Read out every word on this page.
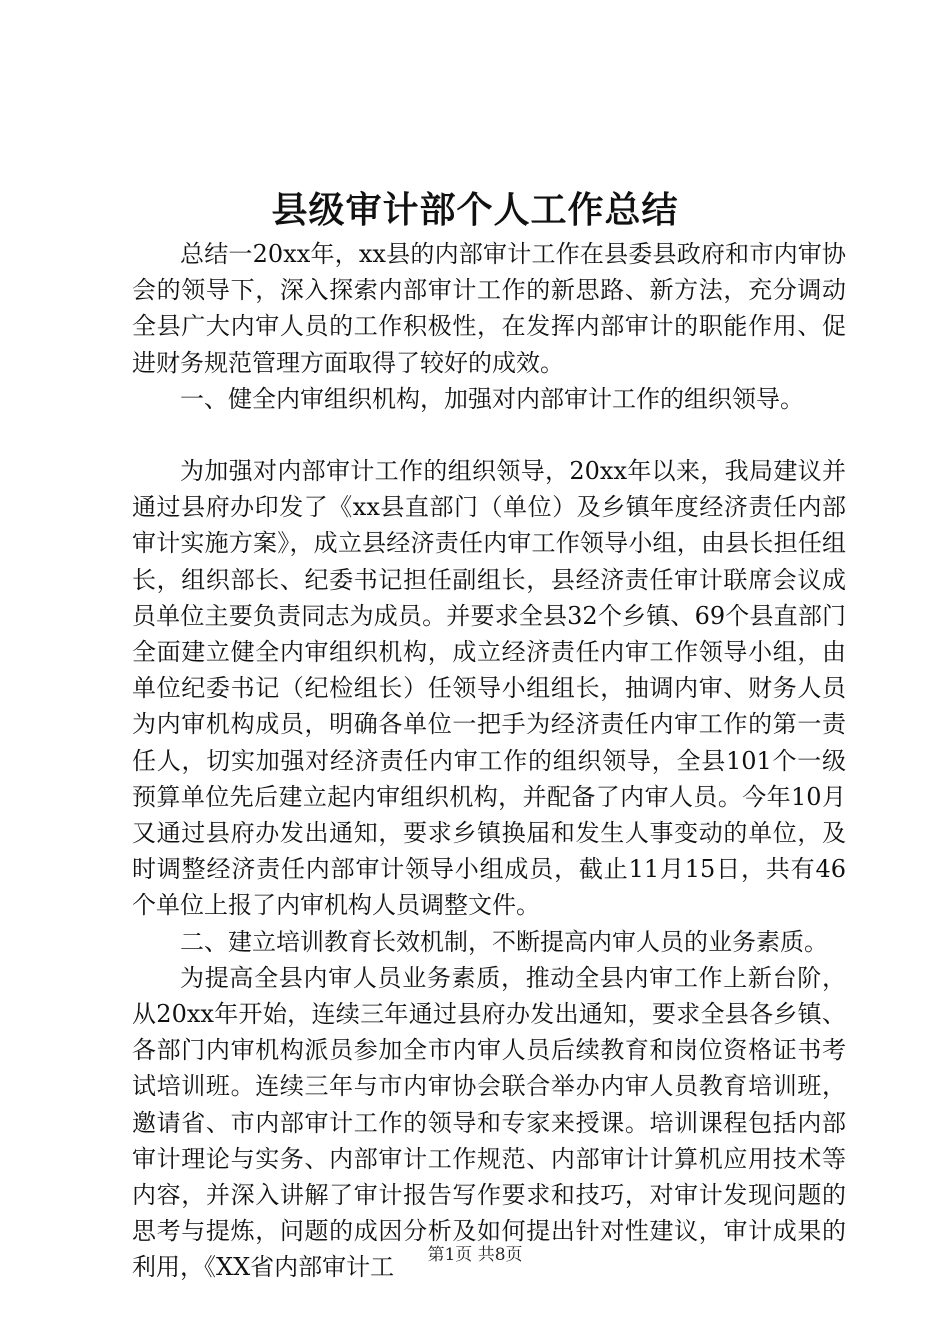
县级审计部个人工作总结

总结一20xx年，xx县的内部审计工作在县委县政府和市内审协会的领导下，深入探索内部审计工作的新思路、新方法，充分调动全县广大内审人员的工作积极性，在发挥内部审计的职能作用、促进财务规范管理方面取得了较好的成效。

一、健全内审组织机构，加强对内部审计工作的组织领导。

为加强对内部审计工作的组织领导，20xx年以来，我局建议并通过县府办印发了《xx县直部门（单位）及乡镇年度经济责任内部审计实施方案》，成立县经济责任内审工作领导小组，由县长担任组长，组织部长、纪委书记担任副组长，县经济责任审计联席会议成员单位主要负责同志为成员。并要求全县32个乡镇、69个县直部门全面建立健全内审组织机构，成立经济责任内审工作领导小组，由单位纪委书记（纪检组长）任领导小组组长，抽调内审、财务人员为内审机构成员，明确各单位一把手为经济责任内审工作的第一责任人，切实加强对经济责任内审工作的组织领导，全县101个一级预算单位先后建立起内审组织机构，并配备了内审人员。今年10月又通过县府办发出通知，要求乡镇换届和发生人事变动的单位，及时调整经济责任内部审计领导小组成员，截止11月15日，共有46个单位上报了内审机构人员调整文件。

二、建立培训教育长效机制，不断提高内审人员的业务素质。

为提高全县内审人员业务素质，推动全县内审工作上新台阶，从20xx年开始，连续三年通过县府办发出通知，要求全县各乡镇、各部门内审机构派员参加全市内审人员后续教育和岗位资格证书考试培训班。连续三年与市内审协会联合举办内审人员教育培训班，邀请省、市内部审计工作的领导和专家来授课。培训课程包括内部审计理论与实务、内部审计工作规范、内部审计计算机应用技术等内容，并深入讲解了审计报告写作要求和技巧，对审计发现问题的思考与提炼，问题的成因分析及如何提出针对性建议，审计成果的利用，《XX省内部审计工	第1页 共8页
